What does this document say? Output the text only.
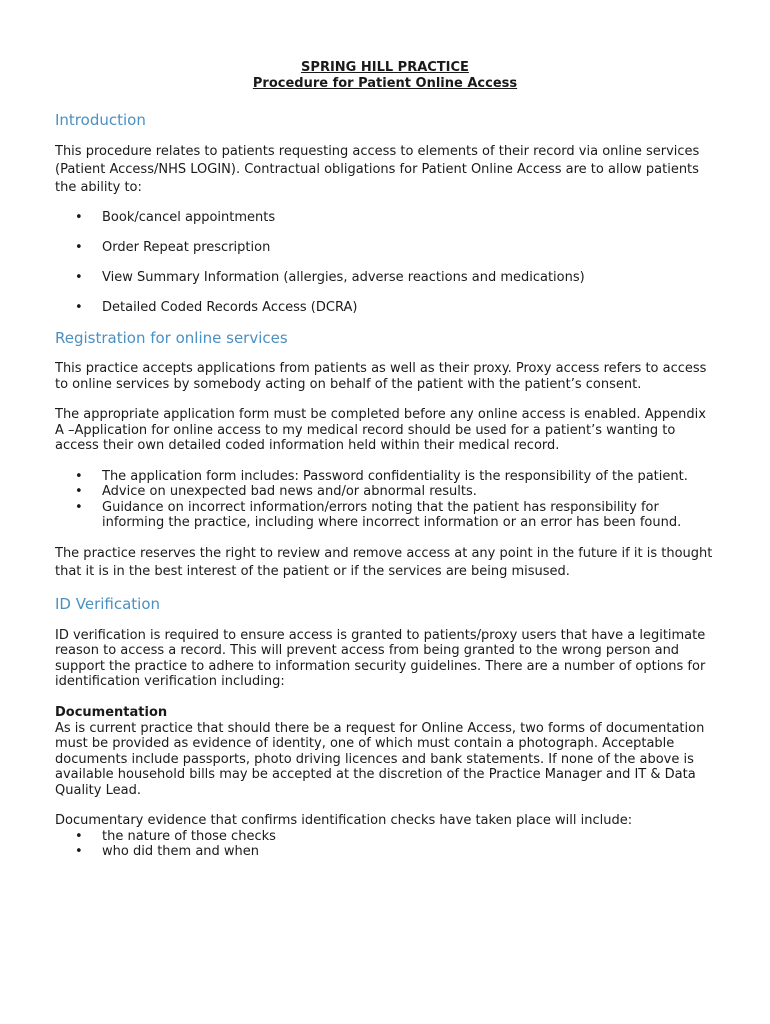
SPRING HILL PRACTICE

Procedure for Patient Online Access

Introduction

This procedure relates to patients requesting access to elements of their record via online services (Patient Access/NHS LOGIN). Contractual obligations for Patient Online Access are to allow patients the ability to:

• Book/cancel appointments
• Order Repeat prescription
• View Summary Information (allergies, adverse reactions and medications)
• Detailed Coded Records Access (DCRA)
Registration for online services

This practice accepts applications from patients as well as their proxy. Proxy access refers to access to online services by somebody acting on behalf of the patient with the patient’s consent.

The appropriate application form must be completed before any online access is enabled. Appendix A –Application for online access to my medical record should be used for a patient’s wanting to access their own detailed coded information held within their medical record.

• The application form includes: Password confidentiality is the responsibility of the patient.
• Advice on unexpected bad news and/or abnormal results.
• Guidance on incorrect information/errors noting that the patient has responsibility for informing the practice, including where incorrect information or an error has been found.

The practice reserves the right to review and remove access at any point in the future if it is thought that it is in the best interest of the patient or if the services are being misused.

ID Verification

ID verification is required to ensure access is granted to patients/proxy users that have a legitimate reason to access a record. This will prevent access from being granted to the wrong person and support the practice to adhere to information security guidelines. There are a number of options for identification verification including:

Documentation

As is current practice that should there be a request for Online Access, two forms of documentation must be provided as evidence of identity, one of which must contain a photograph. Acceptable documents include passports, photo driving licences and bank statements. If none of the above is available household bills may be accepted at the discretion of the Practice Manager and IT & Data Quality Lead.

Documentary evidence that confirms identification checks have taken place will include:

• the nature of those checks
• who did them and when
